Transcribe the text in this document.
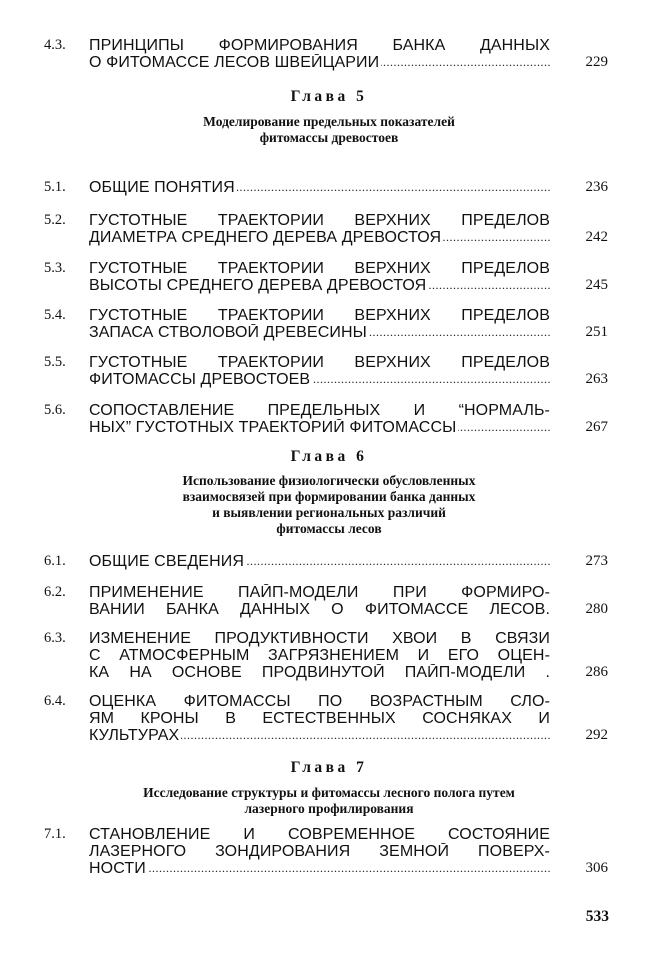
4.3. ПРИНЦИПЫ ФОРМИРОВАНИЯ БАНКА ДАННЫХ
О ФИТОМАССЕ ЛЕСОВ ШВЕЙЦАРИИ .....	229
Глава 5
Моделирование предельных показателей
фитомассы древостоев
5.1. ОБЩИЕ ПОНЯТИЯ .....	236
5.2. ГУСТОТНЫЕ ТРАЕКТОРИИ ВЕРХНИХ ПРЕДЕЛОВ
ДИАМЕТРА СРЕДНЕГО ДЕРЕВА ДРЕВОСТОЯ .....	242
5.3. ГУСТОТНЫЕ ТРАЕКТОРИИ ВЕРХНИХ ПРЕДЕЛОВ
ВЫСОТЫ СРЕДНЕГО ДЕРЕВА ДРЕВОСТОЯ .....	245
5.4. ГУСТОТНЫЕ ТРАЕКТОРИИ ВЕРХНИХ ПРЕДЕЛОВ
ЗАПАСА СТВОЛОВОЙ ДРЕВЕСИНЫ .....	251
5.5. ГУСТОТНЫЕ ТРАЕКТОРИИ ВЕРХНИХ ПРЕДЕЛОВ
ФИТОМАССЫ ДРЕВОСТОЕВ .....	263
5.6. СОПОСТАВЛЕНИЕ ПРЕДЕЛЬНЫХ И “НОРМАЛЬ-
НЫХ” ГУСТОТНЫХ ТРАЕКТОРИЙ ФИТОМАССЫ .....	267
Глава 6
Использование физиологически обусловленных
взаимосвязей при формировании банка данных
и выявлении региональных различий
фитомассы лесов
6.1. ОБЩИЕ СВЕДЕНИЯ .....	273
6.2. ПРИМЕНЕНИЕ ПАЙП-МОДЕЛИ ПРИ ФОРМИРО-
ВАНИИ БАНКА ДАННЫХ О ФИТОМАССЕ ЛЕСОВ. 280
6.3. ИЗМЕНЕНИЕ ПРОДУКТИВНОСТИ ХВОИ В СВЯЗИ
С АТМОСФЕРНЫМ ЗАГРЯЗНЕНИЕМ И ЕГО ОЦЕН-
КА НА ОСНОВЕ ПРОДВИНУТОЙ ПАЙП-МОДЕЛИ . 286
6.4. ОЦЕНКА ФИТОМАССЫ ПО ВОЗРАСТНЫМ СЛО-
ЯМ КРОНЫ В ЕСТЕСТВЕННЫХ СОСНЯКАХ И
КУЛЬТУРАХ .....	292
Глава 7
Исследование структуры и фитомассы лесного полога путем
лазерного профилирования
7.1. СТАНОВЛЕНИЕ И СОВРЕМЕННОЕ СОСТОЯНИЕ
ЛАЗЕРНОГО ЗОНДИРОВАНИЯ ЗЕМНОЙ ПОВЕРХ-
НОСТИ .....	306
533
